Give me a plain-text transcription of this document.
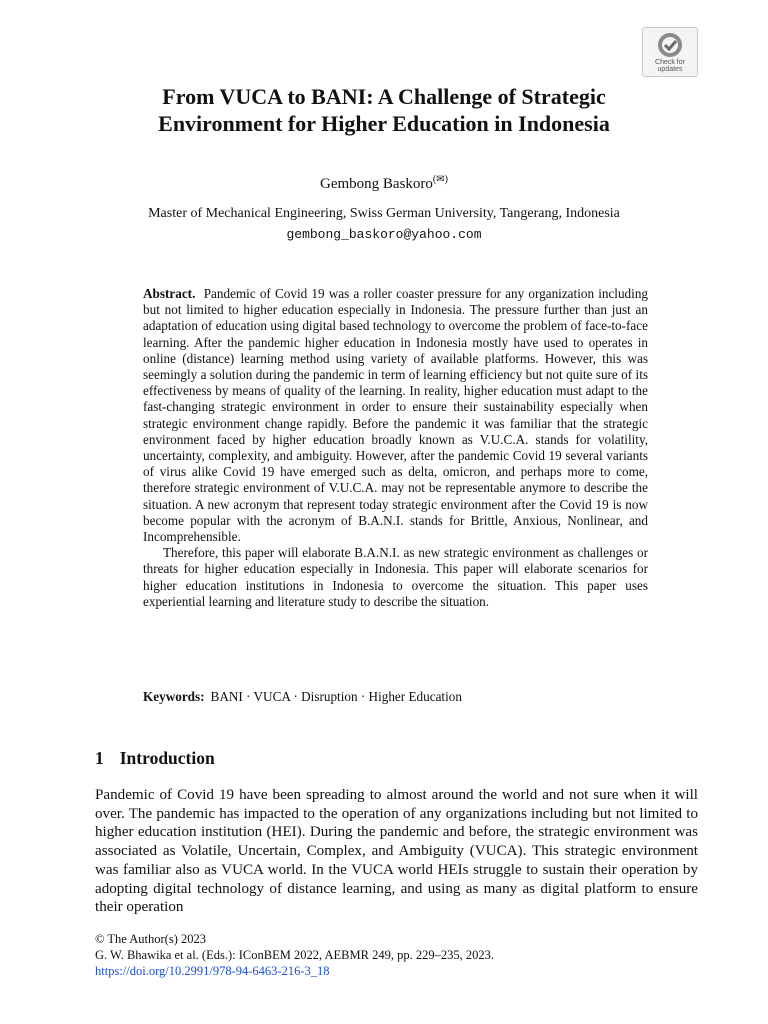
Check for
updates
From VUCA to BANI: A Challenge of Strategic
Environment for Higher Education in Indonesia
Gembong Baskoro(✉)
Master of Mechanical Engineering, Swiss German University, Tangerang, Indonesia
gembong_baskoro@yahoo.com

Abstract. Pandemic of Covid 19 was a roller coaster pressure for any organization including but not limited to higher education especially in Indonesia. The pressure further than just an adaptation of education using digital based technology to overcome the problem of face-to-face learning. After the pandemic higher education in Indonesia mostly have used to operates in online (distance) learning method using variety of available platforms. However, this was seemingly a solution during the pandemic in term of learning efficiency but not quite sure of its effectiveness by means of quality of the learning. In reality, higher education must adapt to the fast-changing strategic environment in order to ensure their sustainability especially when strategic environment change rapidly. Before the pandemic it was familiar that the strategic environment faced by higher education broadly known as V.U.C.A. stands for volatility, uncertainty, complexity, and ambiguity. However, after the pandemic Covid 19 several variants of virus alike Covid 19 have emerged such as delta, omicron, and perhaps more to come, therefore strategic environment of V.U.C.A. may not be representable anymore to describe the situation. A new acronym that represent today strategic environment after the Covid 19 is now become popular with the acronym of B.A.N.I. stands for Brittle, Anxious, Nonlinear, and Incomprehensible.

Therefore, this paper will elaborate B.A.N.I. as new strategic environment as challenges or threats for higher education especially in Indonesia. This paper will elaborate scenarios for higher education institutions in Indonesia to overcome the situation. This paper uses experiential learning and literature study to describe the situation.

Keywords: BANI · VUCA · Disruption · Higher Education
1 Introduction

Pandemic of Covid 19 have been spreading to almost around the world and not sure when it will over. The pandemic has impacted to the operation of any organizations including but not limited to higher education institution (HEI). During the pandemic and before, the strategic environment was associated as Volatile, Uncertain, Complex, and Ambiguity (VUCA). This strategic environment was familiar also as VUCA world. In the VUCA world HEIs struggle to sustain their operation by adopting digital technology of distance learning, and using as many as digital platform to ensure their operation

© The Author(s) 2023
G. W. Bhawika et al. (Eds.): IConBEM 2022, AEBMR 249, pp. 229–235, 2023.
https://doi.org/10.2991/978-94-6463-216-3_18
